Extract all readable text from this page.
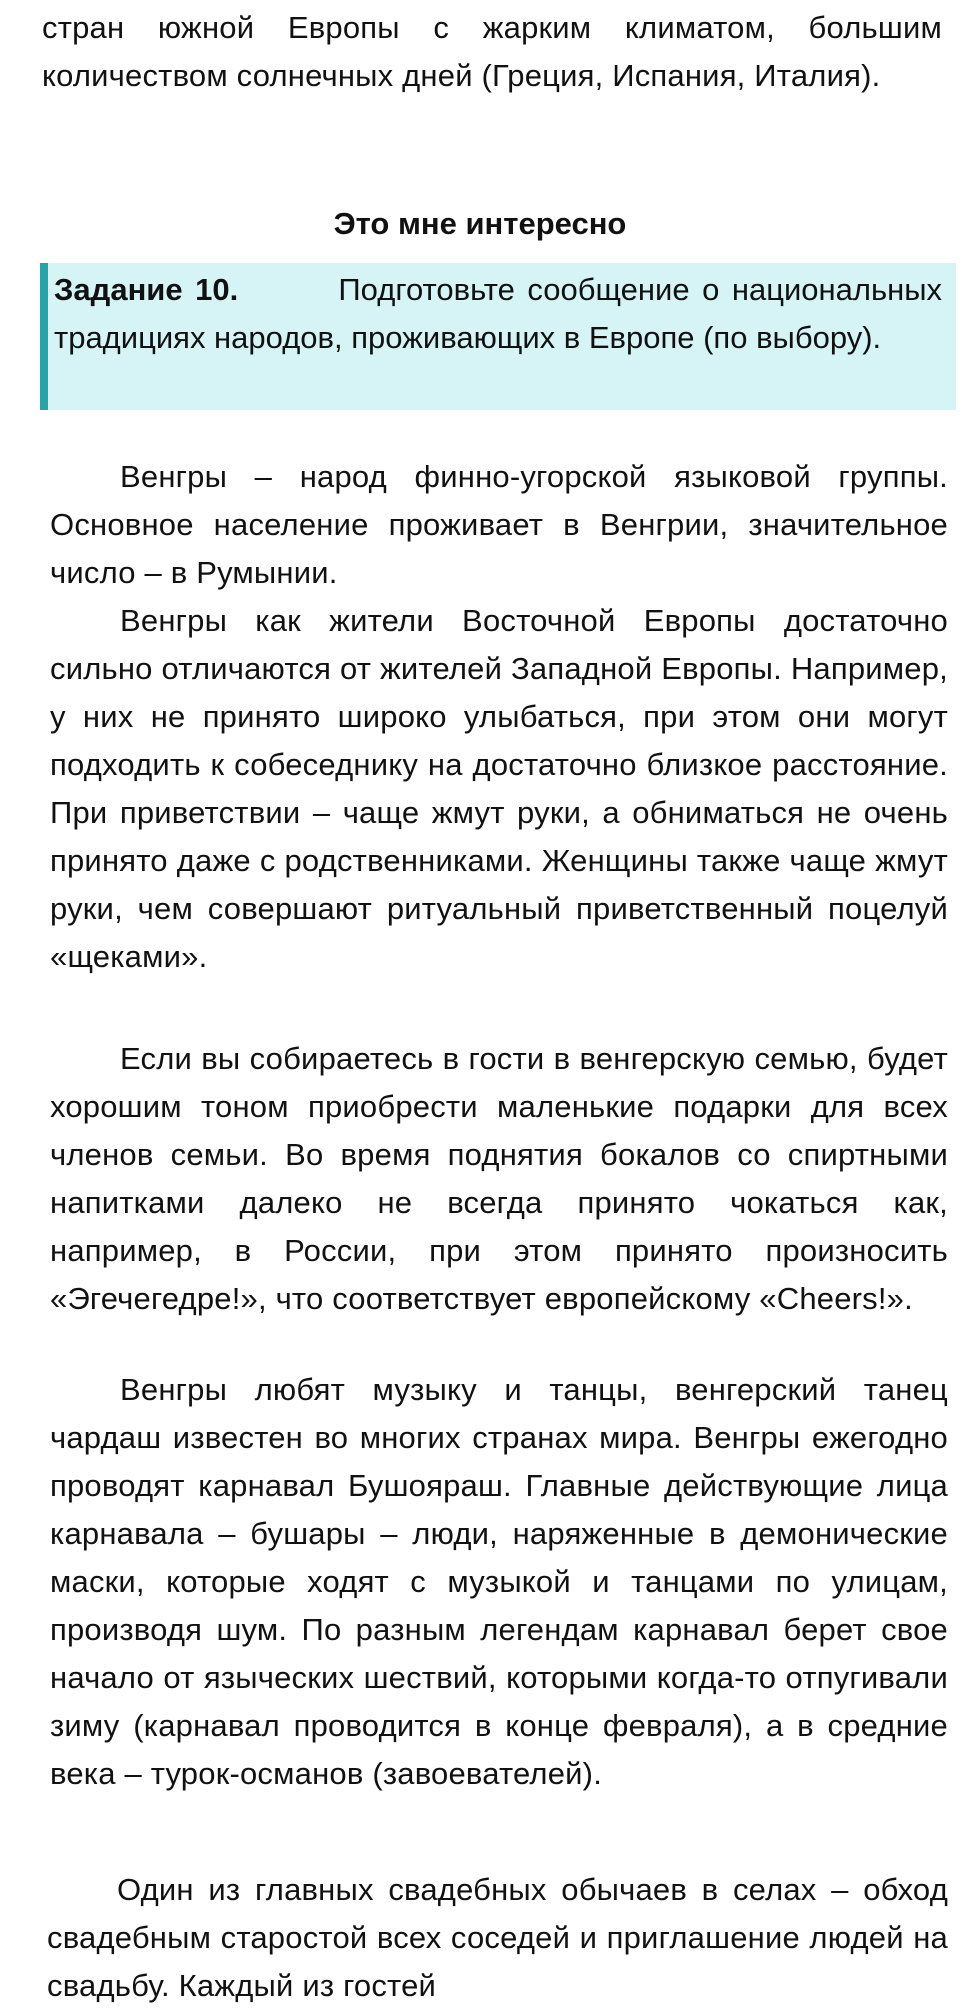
стран южной Европы с жарким климатом, большим количеством солнечных дней (Греция, Испания, Италия).
Это мне интересно
Задание 10.	Подготовьте сообщение о национальных традициях народов, проживающих в Европе (по выбору).
Венгры – народ финно-угорской языковой группы. Основное население проживает в Венгрии, значительное число – в Румынии.
Венгры как жители Восточной Европы достаточно сильно отличаются от жителей Западной Европы. Например, у них не принято широко улыбаться, при этом они могут подходить к собеседнику на достаточно близкое расстояние. При приветствии – чаще жмут руки, а обниматься не очень принято даже с родственниками. Женщины также чаще жмут руки, чем совершают ритуальный приветственный поцелуй «щеками».
Если вы собираетесь в гости в венгерскую семью, будет хорошим тоном приобрести маленькие подарки для всех членов семьи. Во время поднятия бокалов со спиртными напитками далеко не всегда принято чокаться как, например, в России, при этом принято произносить «Эгечегедре!», что соответствует европейскому «Cheers!».
Венгры любят музыку и танцы, венгерский танец чардаш известен во многих странах мира. Венгры ежегодно проводят карнавал Бушояраш. Главные действующие лица карнавала – бушары – люди, наряженные в демонические маски, которые ходят с музыкой и танцами по улицам, производя шум. По разным легендам карнавал берет свое начало от языческих шествий, которыми когда-то отпугивали зиму (карнавал проводится в конце февраля), а в средние века – турок-османов (завоевателей).
Один из главных свадебных обычаев в селах – обход свадебным старостой всех соседей и приглашение людей на свадьбу. Каждый из гостей
